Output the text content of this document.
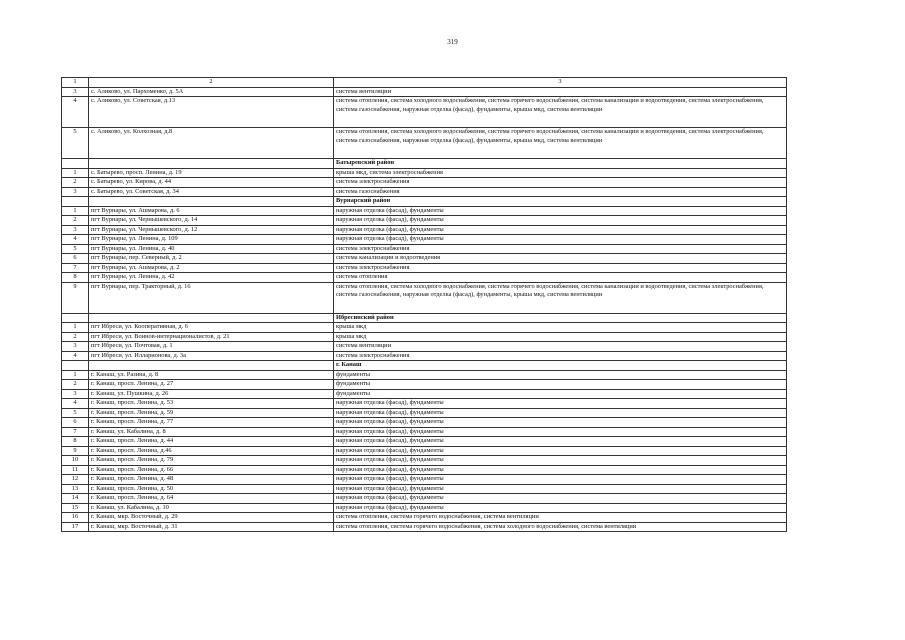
319
1	2	3
3	с. Аликово, ул. Пархоменко, д. 5А	система вентиляции
4	с. Аликово, ул. Советская, д.13	система отопления, система холодного водоснабжения, система горячего водоснабжения, система канализации и водоотведения, система электроснабжения, система газоснабжения, наружная отделка (фасад), фундаменты, крыша мкд, система вентиляции
5	с. Аликово, ул. Колхозная, д.8	система отопления, система холодного водоснабжения, система горячего водоснабжения, система канализации и водоотведения, система электроснабжения, система газоснабжения, наружная отделка (фасад), фундаменты, крыша мкд, система вентиляции
		Батыревский район
1	с. Батырево, просп. Ленина, д. 19	крыша мкд, система электроснабжения
2	с. Батырево, ул. Кирова, д. 44	система электроснабжения
3	с. Батырево, ул. Советская, д. 34	система газоснабжения
		Вурнарский район
1	пгт Вурнары, ул. Ашмарова, д. 6	наружная отделка (фасад), фундаменты
2	пгт Вурнары, ул. Чернышевского, д. 14	наружная отделка (фасад), фундаменты
3	пгт Вурнары, ул. Чернышевского, д. 12	наружная отделка (фасад), фундаменты
4	пгт Вурнары, ул. Ленина, д. 109	наружная отделка (фасад), фундаменты
5	пгт Вурнары, ул. Ленина, д. 40	система электроснабжения
6	пгт Вурнары, пер. Северный, д. 2	система канализации и водоотведения
7	пгт Вурнары, ул. Ашмарова, д. 2	система электроснабжения
8	пгт Вурнары, ул. Ленина, д. 42	система отопления
9	пгт Вурнары, пер. Тракторный, д. 16	система отопления, система холодного водоснабжения, система горячего водоснабжения, система канализации и водоотведения, система электроснабжения, система газоснабжения, наружная отделка (фасад), фундаменты, крыша мкд, система вентиляции
		Ибресинский район
1	пгт Ибреси, ул. Кооперативная, д. 6	крыша мкд
2	пгт Ибреси, ул. Воинов-интернационалистов, д. 21	крыша мкд
3	пгт Ибреси, ул. Почтовая, д. 1	система вентиляции
4	пгт Ибреси, ул. Илларионова, д. 3а	система электроснабжения
		г. Канаш
1	г. Канаш, ул. Разина, д. 8	фундаменты
2	г. Канаш, просп. Ленина, д. 27	фундаменты
3	г. Канаш, ул. Пушкина, д. 26	фундаменты
4	г. Канаш, просп. Ленина, д. 53	наружная отделка (фасад), фундаменты
5	г. Канаш, просп. Ленина, д. 59	наружная отделка (фасад), фундаменты
6	г. Канаш, просп. Ленина, д. 77	наружная отделка (фасад), фундаменты
7	г. Канаш, ул. Кабалина, д. 8	наружная отделка (фасад), фундаменты
8	г. Канаш, просп. Ленина, д. 44	наружная отделка (фасад), фундаменты
9	г. Канаш, просп. Ленина, д.46	наружная отделка (фасад), фундаменты
10	г. Канаш, просп. Ленина, д. 79	наружная отделка (фасад), фундаменты
11	г. Канаш, просп. Ленина, д. 66	наружная отделка (фасад), фундаменты
12	г. Канаш, просп. Ленина, д. 48	наружная отделка (фасад), фундаменты
13	г. Канаш, просп. Ленина, д. 50	наружная отделка (фасад), фундаменты
14	г. Канаш, просп. Ленина, д. 64	наружная отделка (фасад), фундаменты
15	г. Канаш, ул. Кабалина, д. 10	наружная отделка (фасад), фундаменты
16	г. Канаш, мкр. Восточный, д. 29	система отопления, система горячего водоснабжения, система вентиляции
17	г. Канаш, мкр. Восточный, д. 31	система отопления, система горячего водоснабжения, система холодного водоснабжения, система вентиляции
